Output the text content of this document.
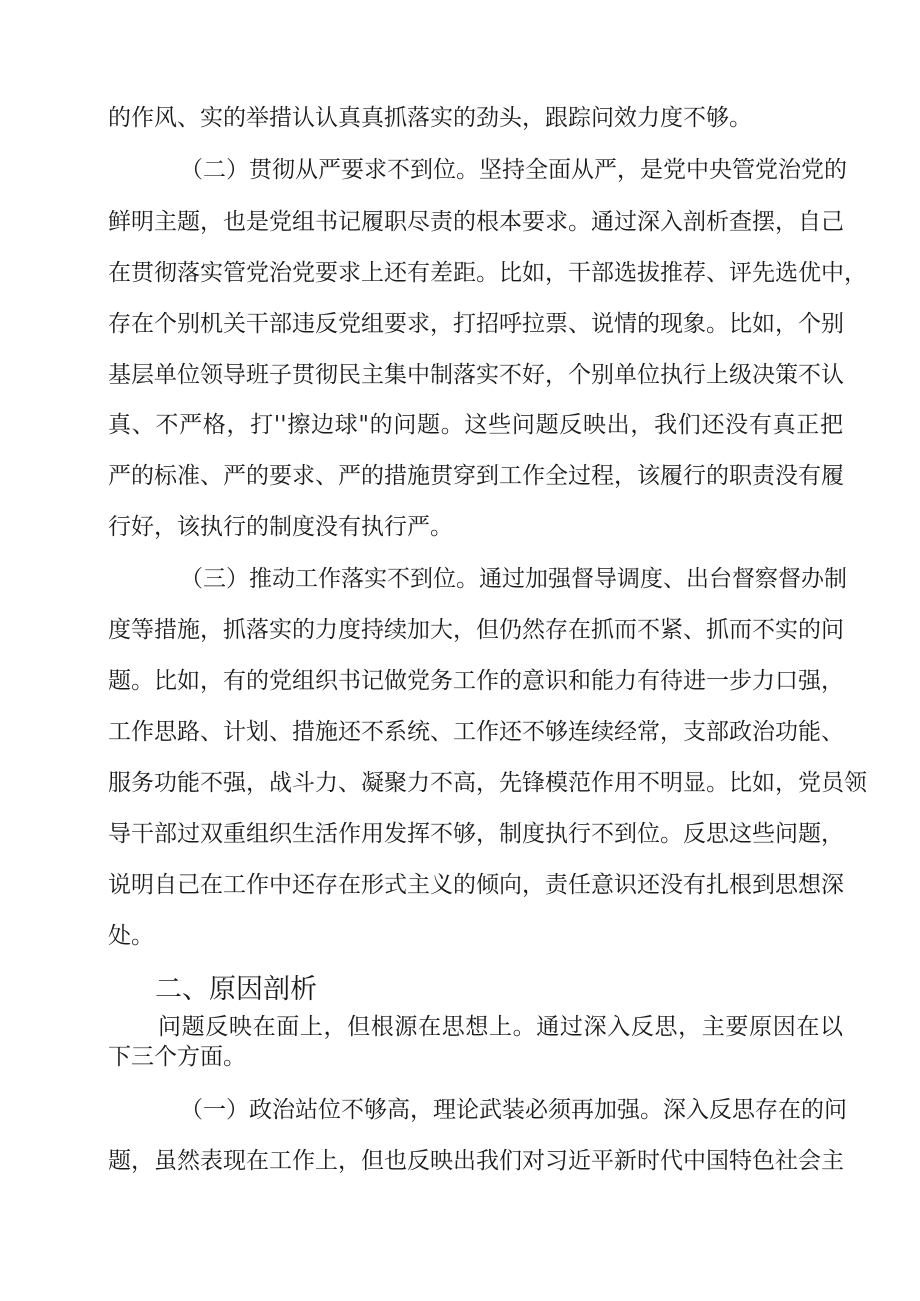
的作风、实的举措认认真真抓落实的劲头，跟踪问效力度不够。
（二）贯彻从严要求不到位。坚持全面从严，是党中央管党治党的
鲜明主题，也是党组书记履职尽责的根本要求。通过深入剖析查摆，自己
在贯彻落实管党治党要求上还有差距。比如，干部选拔推荐、评先选优中，
存在个别机关干部违反党组要求，打招呼拉票、说情的现象。比如，个别
基层单位领导班子贯彻民主集中制落实不好，个别单位执行上级决策不认
真、不严格，打''擦边球"的问题。这些问题反映出，我们还没有真正把
严的标准、严的要求、严的措施贯穿到工作全过程，该履行的职责没有履
行好，该执行的制度没有执行严。
（三）推动工作落实不到位。通过加强督导调度、出台督察督办制
度等措施，抓落实的力度持续加大，但仍然存在抓而不紧、抓而不实的问
题。比如，有的党组织书记做党务工作的意识和能力有待进一步力口强，
工作思路、计划、措施还不系统、工作还不够连续经常，支部政治功能、
服务功能不强，战斗力、凝聚力不高，先锋模范作用不明显。比如，党员领
导干部过双重组织生活作用发挥不够，制度执行不到位。反思这些问题，
说明自己在工作中还存在形式主义的倾向，责任意识还没有扎根到思想深
处。
二、原因剖析
问题反映在面上，但根源在思想上。通过深入反思，主要原因在以
下三个方面。
（一）政治站位不够高，理论武装必须再加强。深入反思存在的问
题，虽然表现在工作上，但也反映出我们对习近平新时代中国特色社会主
